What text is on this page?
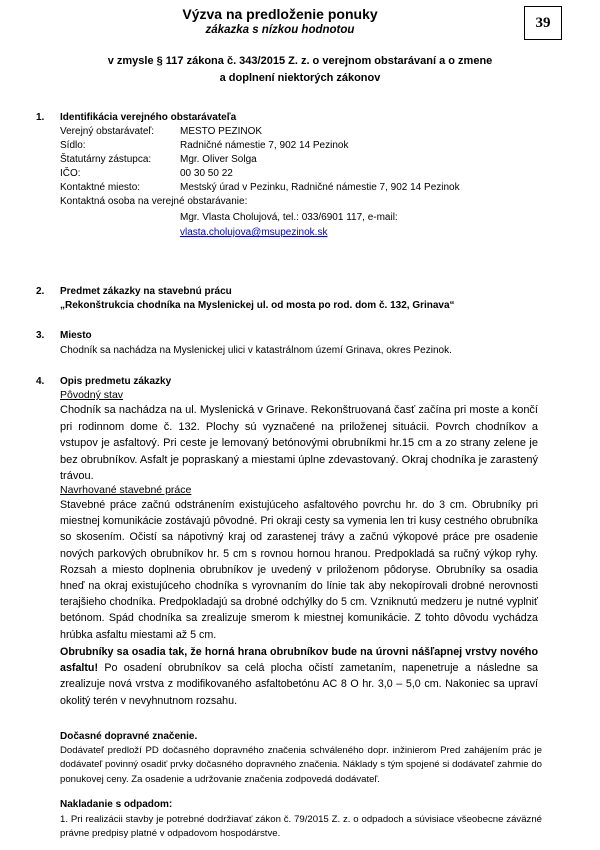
Výzva na predloženie ponuky
zákazka s nízkou hodnotou	39
v zmysle § 117 zákona č. 343/2015 Z. z. o verejnom obstarávaní a o zmene
a doplnení niektorých zákonov
1. Identifikácia verejného obstarávateľa
Verejný obstarávateľ:	MESTO PEZINOK
Sídlo:	Radničné námestie 7, 902 14 Pezinok
Štatutárny zástupca:	Mgr. Oliver Solga
IČO:	00 30 50 22
Kontaktné miesto:	Mestský úrad v Pezinku, Radničné námestie 7, 902 14 Pezinok
Kontaktná osoba na verejné obstarávanie:
Mgr. Vlasta Cholujová, tel.: 033/6901 117, e-mail:
vlasta.cholujova@msupezinok.sk
2. Predmet zákazky na stavebnú prácu
„Rekonštrukcia chodníka na Myslenickej ul. od mosta po rod. dom č. 132, Grinava“
3. Miesto
Chodník sa nachádza na Myslenickej ulici v katastrálnom území Grinava, okres Pezinok.
4. Opis predmetu zákazky
Pôvodný stav
Chodník sa nachádza na ul. Myslenická v Grinave. Rekonštruovaná časť začína pri moste a končí pri rodinnom dome č. 132. Plochy sú vyznačené na priloženej situácii. Povrch chodníkov a vstupov je asfaltový. Pri ceste je lemovaný betónovými obrubníkmi hr.15 cm a zo strany zelene je bez obrubníkov. Asfalt je popraskaný a miestami úplne zdevastovaný. Okraj chodníka je zarastený trávou.
Navrhované stavebné práce
Stavebné práce začnú odstránením existujúceho asfaltového povrchu hr. do 3 cm. Obrubníky pri miestnej komunikácie zostávajú pôvodné. Pri okraji cesty sa vymenia len tri kusy cestného obrubníka so skosením. Očistí sa nápotivný kraj od zarastenej trávy a začnú výkopové práce pre osadenie nových parkových obrubníkov hr. 5 cm s rovnou hornou hranou. Predpokladá sa ručný výkop ryhy. Rozsah a miesto doplnenia obrubníkov je uvedený v priloženom pôdoryse. Obrubníky sa osadia hneď na okraj existujúceho chodníka s vyrovnaním do línie tak aby nekopírovali drobné nerovnosti terajšieho chodníka. Predpokladajú sa drobné odchýlky do 5 cm. Vzniknutú medzeru je nutné vyplniť betónom. Spád chodníka sa zrealizuje smerom k miestnej komunikácie. Z tohto dôvodu vychádza hrúbka asfaltu miestami až 5 cm.
Obrubníky sa osadia tak, že horná hrana obrubníkov bude na úrovni nášľapnej vrstvy nového asfaltu! Po osadení obrubníkov sa celá plocha očistí zametaním, napenetruje a následne sa zrealizuje nová vrstva z modifikovaného asfaltobetónu AC 8 O hr. 3,0 – 5,0 cm. Nakoniec sa upraví okolitý terén v nevyhnutnom rozsahu.
Dočasné dopravné značenie.
Dodávateľ predloží PD dočasného dopravného značenia schváleného dopr. inžinierom Pred zahájením prác je dodávateľ povinný osadiť prvky dočasného dopravného značenia. Náklady s tým spojené si dodávateľ zahrnie do ponukovej ceny. Za osadenie a udržovanie značenia zodpovedá dodávateľ.
Nakladanie s odpadom:
1. Pri realizácii stavby je potrebné dodržiavať zákon č. 79/2015 Z. z. o odpadoch a súvisiace všeobecne záväzné právne predpisy platné v odpadovom hospodárstve.
